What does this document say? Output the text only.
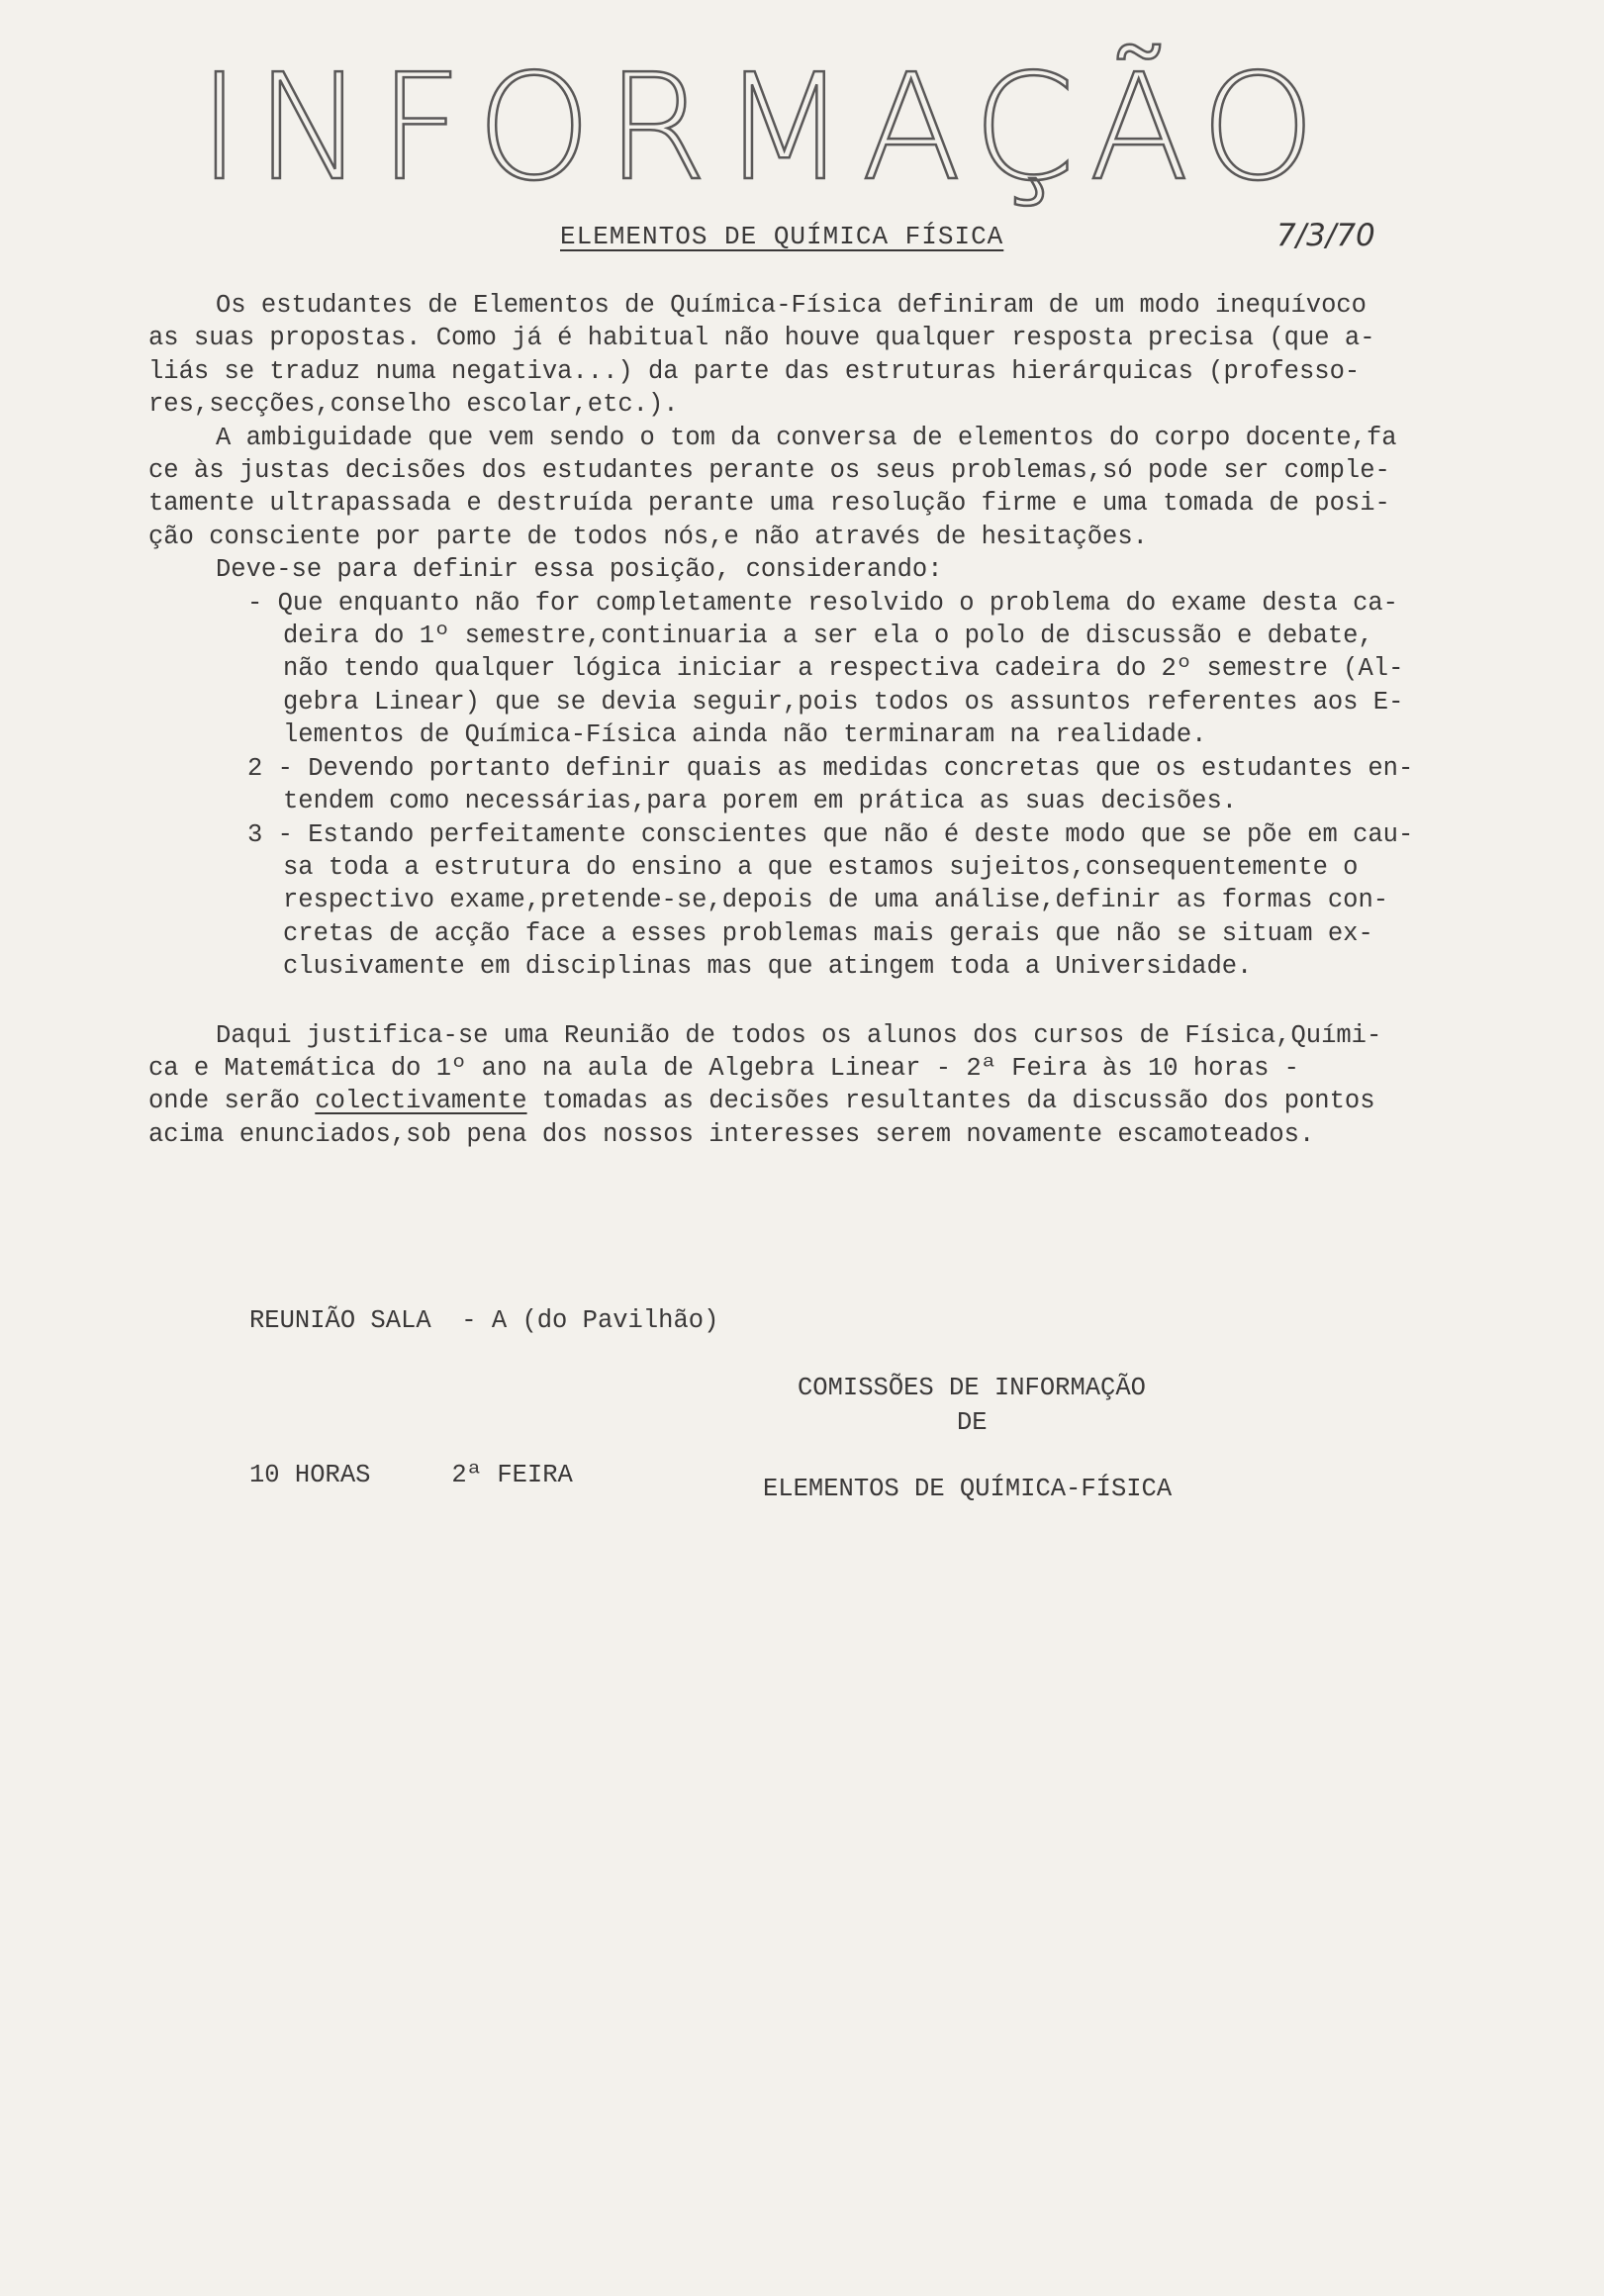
INFORMAÇÃO
ELEMENTOS DE QUÍMICA FÍSICA	7/3/70
Os estudantes de Elementos de Química-Física definiram de um modo inequívoco
as suas propostas. Como já é habitual não houve qualquer resposta precisa (que a-
liás se traduz numa negativa...) da parte das estruturas hierárquicas (professo-
res,secções,conselho escolar,etc.).
A ambiguidade que vem sendo o tom da conversa de elementos do corpo docente,fa
ce às justas decisões dos estudantes perante os seus problemas,só pode ser comple-
tamente ultrapassada e destruída perante uma resolução firme e uma tomada de posi-
ção consciente por parte de todos nós,e não através de hesitações.
Deve-se para definir essa posição, considerando:
- Que enquanto não for completamente resolvido o problema do exame desta ca-
deira do 1º semestre,continuaria a ser ela o polo de discussão e debate,
não tendo qualquer lógica iniciar a respectiva cadeira do 2º semestre (Al-
gebra Linear) que se devia seguir,pois todos os assuntos referentes aos E-
lementos de Química-Física ainda não terminaram na realidade.
2 - Devendo portanto definir quais as medidas concretas que os estudantes en-
tendem como necessárias,para porem em prática as suas decisões.
3 - Estando perfeitamente conscientes que não é deste modo que se põe em cau-
sa toda a estrutura do ensino a que estamos sujeitos,consequentemente o
respectivo exame,pretende-se,depois de uma análise,definir as formas con-
cretas de acção face a esses problemas mais gerais que não se situam ex-
clusivamente em disciplinas mas que atingem toda a Universidade.
Daqui justifica-se uma Reunião de todos os alunos dos cursos de Física,Quími-
ca e Matemática do 1º ano na aula de Algebra Linear - 2ª Feira às 10 horas -
onde serão colectivamente tomadas as decisões resultantes da discussão dos pontos
acima enunciados,sob pena dos nossos interesses serem novamente escamoteados.

REUNIÃO SALA  - A (do Pavilhão)

10 HORAS	2ª FEIRA

COMISSÕES DE INFORMAÇÃO
DE
ELEMENTOS DE QUÍMICA-FÍSICA
